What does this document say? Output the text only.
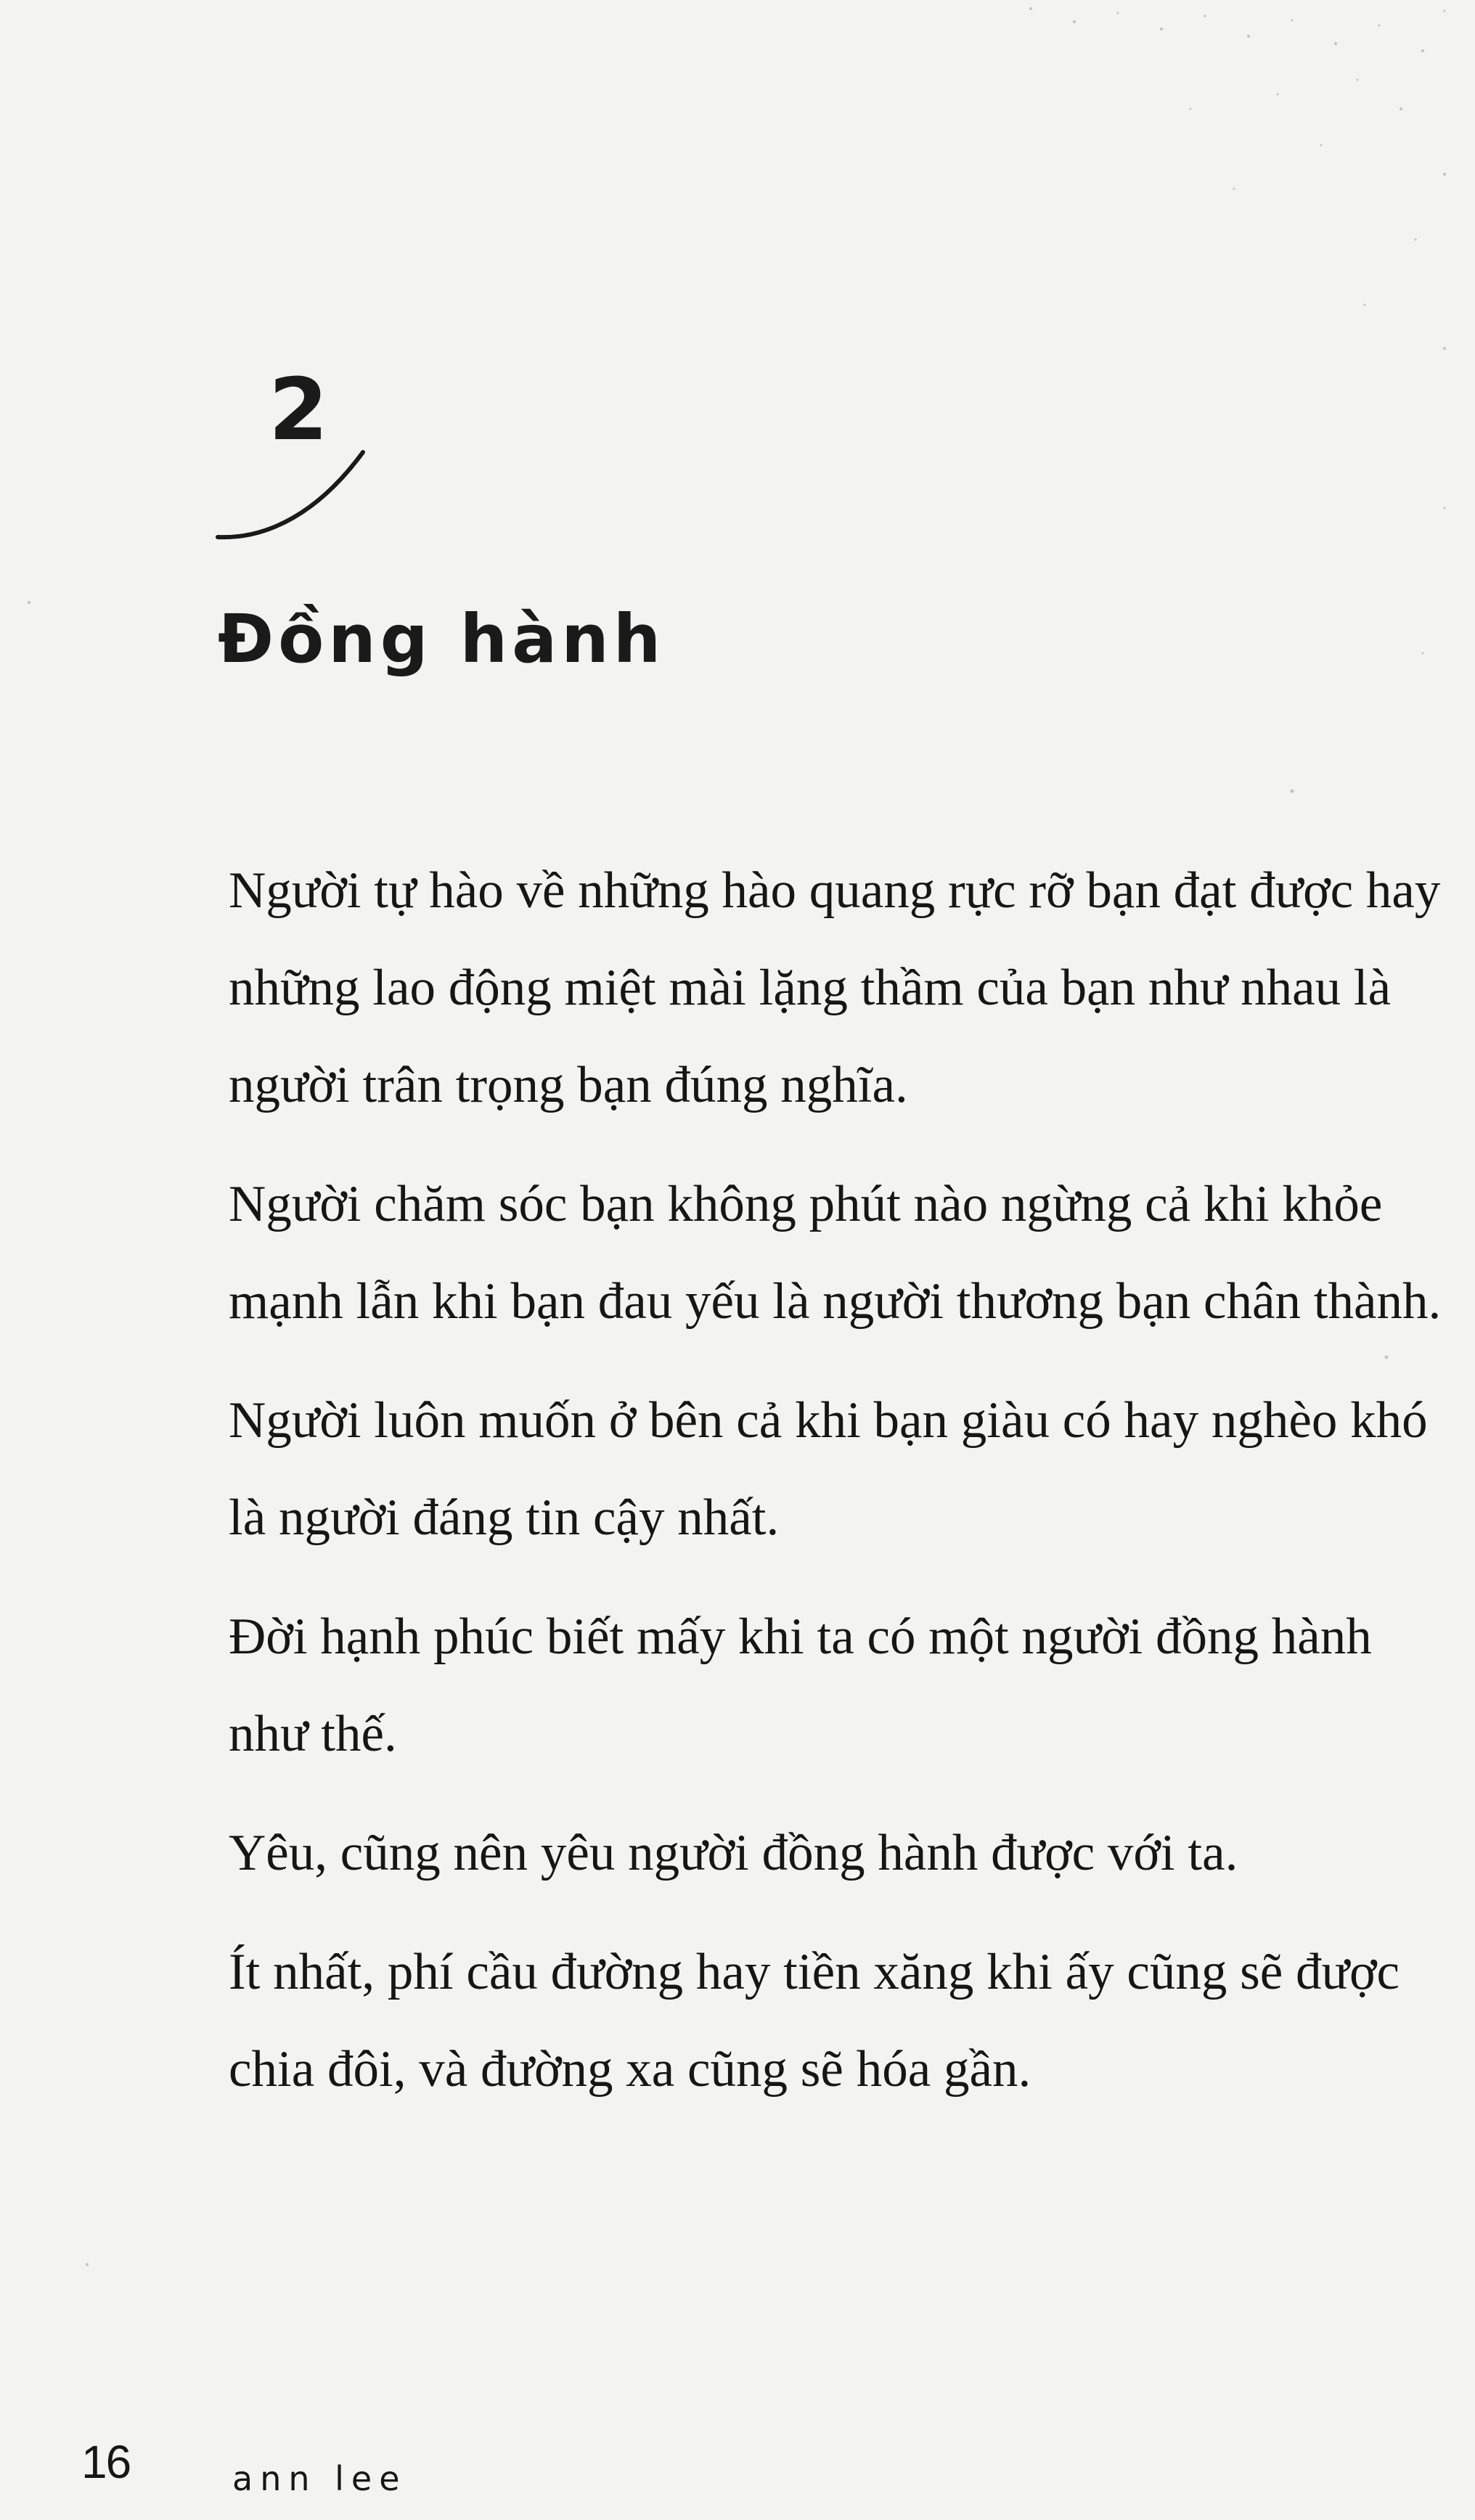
2
Đồng hành

Người tự hào về những hào quang rực rỡ bạn đạt được hay những lao động miệt mài lặng thầm của bạn như nhau là người trân trọng bạn đúng nghĩa.

Người chăm sóc bạn không phút nào ngừng cả khi khỏe mạnh lẫn khi bạn đau yếu là người thương bạn chân thành.

Người luôn muốn ở bên cả khi bạn giàu có hay nghèo khó là người đáng tin cậy nhất.

Đời hạnh phúc biết mấy khi ta có một người đồng hành như thế.

Yêu, cũng nên yêu người đồng hành được với ta.

Ít nhất, phí cầu đường hay tiền xăng khi ấy cũng sẽ được chia đôi, và đường xa cũng sẽ hóa gần.

16	ann lee
